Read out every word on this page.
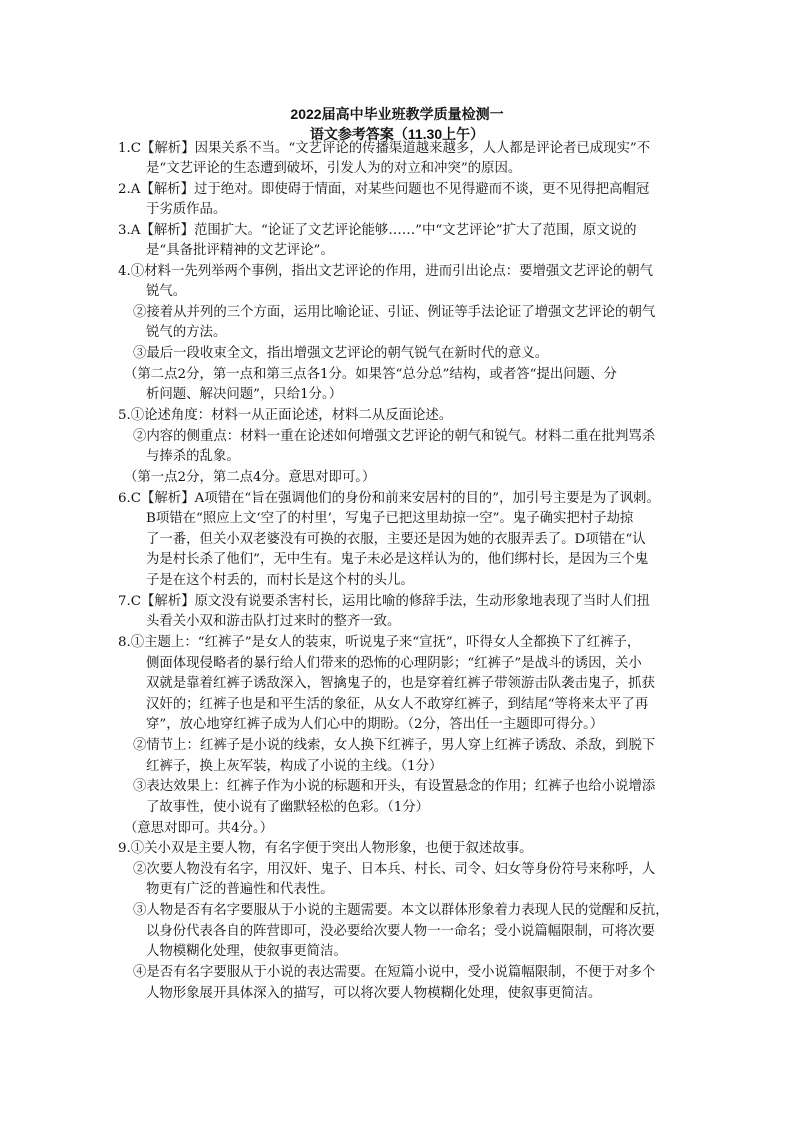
2022届高中毕业班教学质量检测一
语文参考答案（11.30上午）
1.C【解析】因果关系不当。“文艺评论的传播渠道越来越多，人人都是评论者已成现实”不
是“文艺评论的生态遭到破坏，引发人为的对立和冲突”的原因。
2.A【解析】过于绝对。即使碍于情面，对某些问题也不见得避而不谈，更不见得把高帽冠
于劣质作品。
3.A【解析】范围扩大。“论证了文艺评论能够……”中“文艺评论”扩大了范围，原文说的
是“具备批评精神的文艺评论”。
4.①材料一先列举两个事例，指出文艺评论的作用，进而引出论点：要增强文艺评论的朝气
锐气。
②接着从并列的三个方面，运用比喻论证、引证、例证等手法论证了增强文艺评论的朝气
锐气的方法。
③最后一段收束全文，指出增强文艺评论的朝气锐气在新时代的意义。
（第二点2分，第一点和第三点各1分。如果答“总分总”结构，或者答“提出问题、分
析问题、解决问题”，只给1分。）
5.①论述角度：材料一从正面论述，材料二从反面论述。
②内容的侧重点：材料一重在论述如何增强文艺评论的朝气和锐气。材料二重在批判骂杀
与捧杀的乱象。
（第一点2分，第二点4分。意思对即可。）
6.C【解析】A项错在“旨在强调他们的身份和前来安居村的目的”，加引号主要是为了讽刺。
B项错在“照应上文‘空了的村里’，写鬼子已把这里劫掠一空”。鬼子确实把村子劫掠
了一番，但关小双老婆没有可换的衣服，主要还是因为她的衣服弄丢了。D项错在“认
为是村长杀了他们”，无中生有。鬼子未必是这样认为的，他们绑村长，是因为三个鬼
子是在这个村丢的，而村长是这个村的头儿。
7.C【解析】原文没有说要杀害村长，运用比喻的修辞手法，生动形象地表现了当时人们扭
头看关小双和游击队打过来时的整齐一致。
8.①主题上：“红裤子”是女人的装束，听说鬼子来“宣抚”，吓得女人全都换下了红裤子，
侧面体现侵略者的暴行给人们带来的恐怖的心理阴影；“红裤子”是战斗的诱因，关小
双就是靠着红裤子诱敌深入，智擒鬼子的，也是穿着红裤子带领游击队袭击鬼子，抓获
汉奸的；红裤子也是和平生活的象征，从女人不敢穿红裤子，到结尾“等将来太平了再
穿”，放心地穿红裤子成为人们心中的期盼。（2分，答出任一主题即可得分。）
②情节上：红裤子是小说的线索，女人换下红裤子，男人穿上红裤子诱敌、杀敌，到脱下
红裤子，换上灰军装，构成了小说的主线。（1分）
③表达效果上：红裤子作为小说的标题和开头，有设置悬念的作用；红裤子也给小说增添
了故事性，使小说有了幽默轻松的色彩。（1分）
（意思对即可。共4分。）
9.①关小双是主要人物，有名字便于突出人物形象，也便于叙述故事。
②次要人物没有名字，用汉奸、鬼子、日本兵、村长、司令、妇女等身份符号来称呼，人
物更有广泛的普遍性和代表性。
③人物是否有名字要服从于小说的主题需要。本文以群体形象着力表现人民的觉醒和反抗，
以身份代表各自的阵营即可，没必要给次要人物一一命名；受小说篇幅限制，可将次要
人物模糊化处理，使叙事更简洁。
④是否有名字要服从于小说的表达需要。在短篇小说中，受小说篇幅限制，不便于对多个
人物形象展开具体深入的描写，可以将次要人物模糊化处理，使叙事更简洁。
